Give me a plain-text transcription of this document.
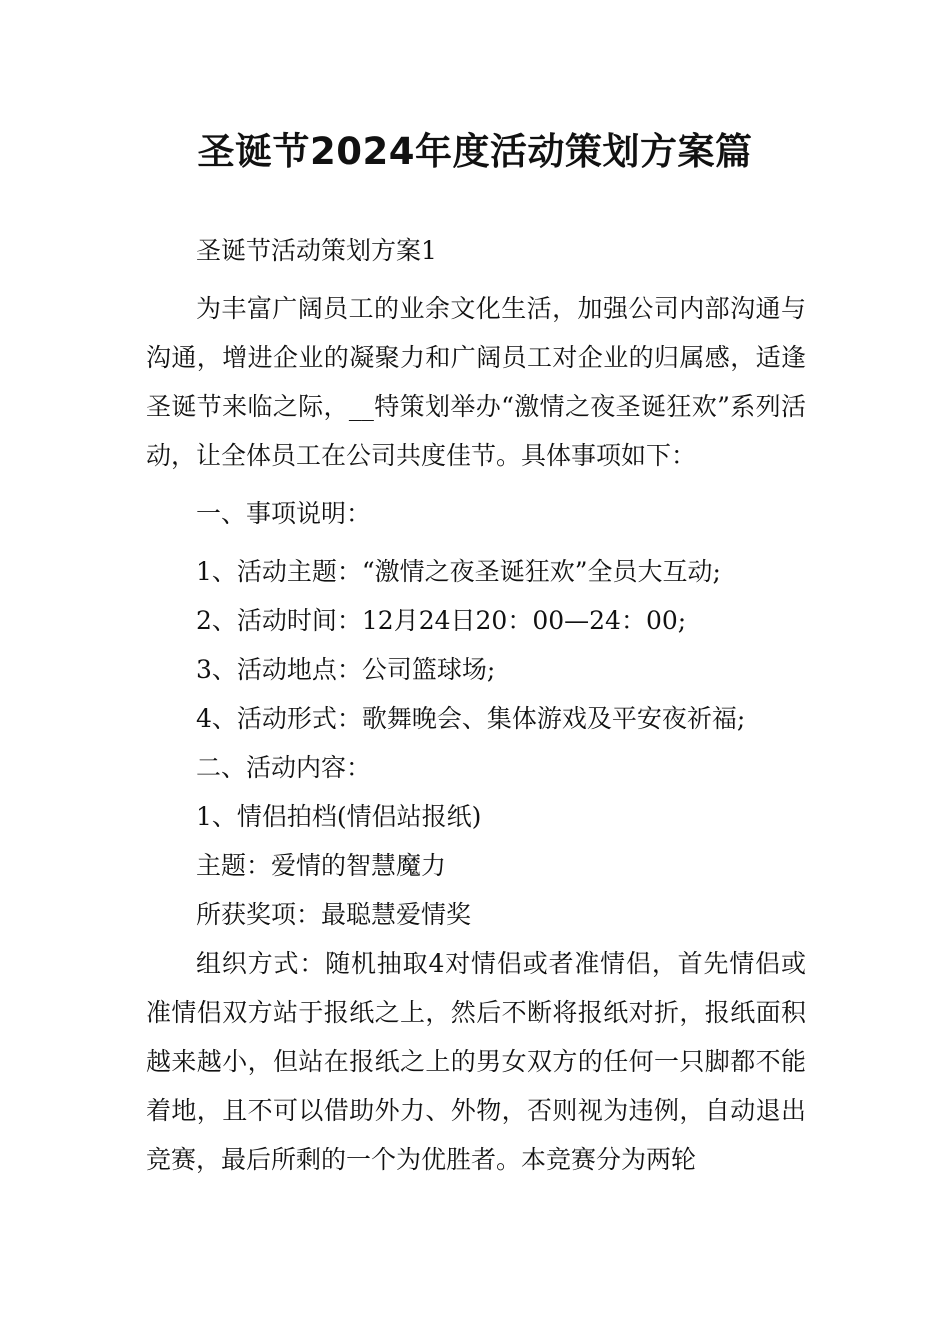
圣诞节2024年度活动策划方案篇

圣诞节活动策划方案1

为丰富广阔员工的业余文化生活，加强公司内部沟通与沟通，增进企业的凝聚力和广阔员工对企业的归属感，适逢圣诞节来临之际，__特策划举办“激情之夜圣诞狂欢”系列活动，让全体员工在公司共度佳节。具体事项如下：

一、事项说明：

1、活动主题：“激情之夜圣诞狂欢”全员大互动;

2、活动时间：12月24日20：00—24：00;

3、活动地点：公司篮球场;

4、活动形式：歌舞晚会、集体游戏及平安夜祈福;

二、活动内容：

1、情侣拍档(情侣站报纸)

主题：爱情的智慧魔力

所获奖项：最聪慧爱情奖

组织方式：随机抽取4对情侣或者准情侣，首先情侣或准情侣双方站于报纸之上，然后不断将报纸对折，报纸面积越来越小，但站在报纸之上的男女双方的任何一只脚都不能着地，且不可以借助外力、外物，否则视为违例，自动退出竞赛，最后所剩的一个为优胜者。本竞赛分为两轮
